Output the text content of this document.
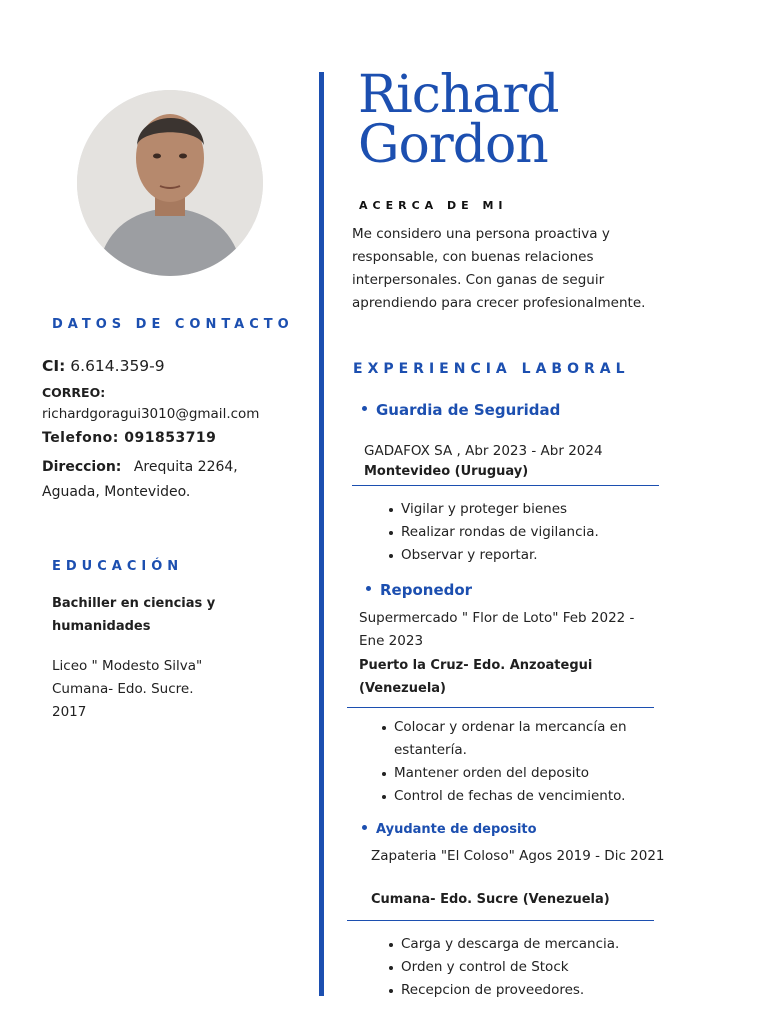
Richard
Gordon
ACERCA DE MI
Me considero una persona proactiva y responsable, con buenas relaciones interpersonales. Con ganas de seguir aprendiendo para crecer profesionalmente.
DATOS DE CONTACTO
CI: 6.614.359-9
CORREO:
richardgoragui3010@gmail.com
Telefono: 091853719
Direccion: Arequita 2264,
Aguada, Montevideo.
EDUCACIÓN
Bachiller en ciencias y humanidades
Liceo " Modesto Silva"
Cumana- Edo. Sucre.
2017
EXPERIENCIA LABORAL
Guardia de Seguridad
GADAFOX SA , Abr 2023 - Abr 2024
Montevideo (Uruguay)
Vigilar y proteger bienes
Realizar rondas de vigilancia.
Observar y reportar.
Reponedor
Supermercado " Flor de Loto" Feb 2022 - Ene 2023
Puerto la Cruz- Edo. Anzoategui (Venezuela)
Colocar y ordenar la mercancía en estantería.
Mantener orden del deposito
Control de fechas de vencimiento.
Ayudante de deposito
Zapateria "El Coloso" Agos 2019 - Dic 2021
Cumana- Edo. Sucre (Venezuela)
Carga y descarga de mercancia.
Orden y control de Stock
Recepcion de proveedores.
